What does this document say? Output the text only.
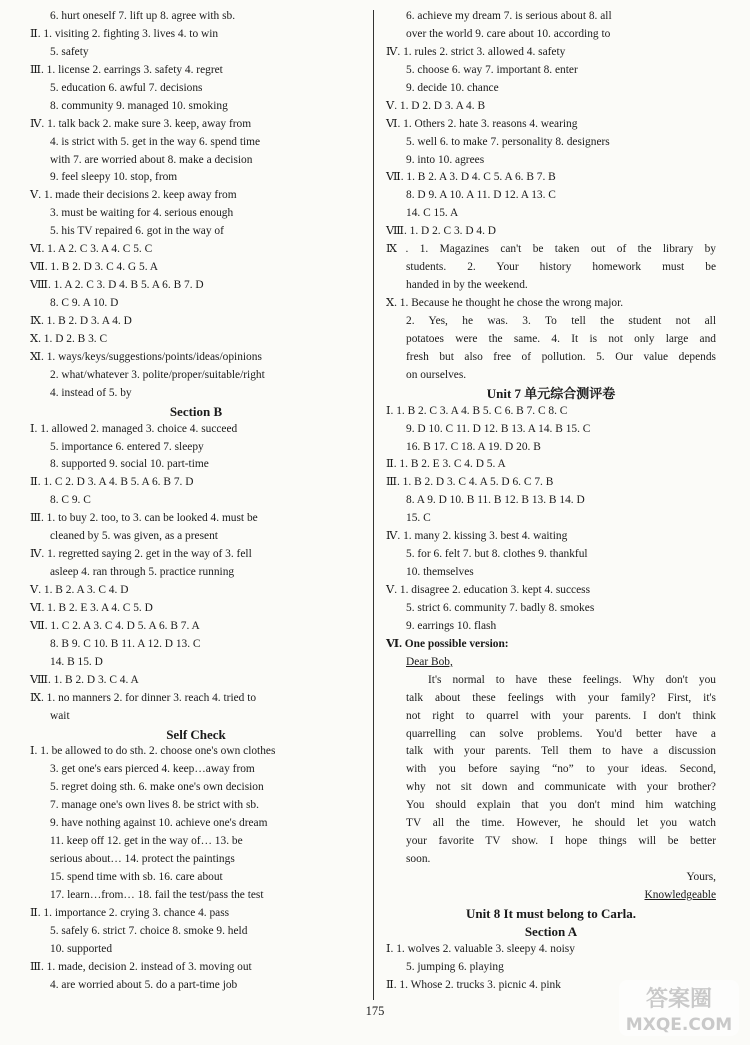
6. hurt oneself 7. lift up 8. agree with sb.
Ⅱ. 1. visiting 2. fighting 3. lives 4. to win
5. safety
Ⅲ. 1. license 2. earrings 3. safety 4. regret
5. education 6. awful 7. decisions
8. community 9. managed 10. smoking
Ⅳ. 1. talk back 2. make sure 3. keep, away from
4. is strict with 5. get in the way 6. spend time
with 7. are worried about 8. make a decision
9. feel sleepy 10. stop, from
Ⅴ. 1. made their decisions 2. keep away from
3. must be waiting for 4. serious enough
5. his TV repaired 6. got in the way of
Ⅵ. 1. A 2. C 3. A 4. C 5. C
Ⅶ. 1. B 2. D 3. C 4. G 5. A
Ⅷ. 1. A 2. C 3. D 4. B 5. A 6. B 7. D
8. C 9. A 10. D
Ⅸ. 1. B 2. D 3. A 4. D
Ⅹ. 1. D 2. B 3. C
Ⅺ. 1. ways/keys/suggestions/points/ideas/opinions
2. what/whatever 3. polite/proper/suitable/right
4. instead of 5. by
Section B
Ⅰ. 1. allowed 2. managed 3. choice 4. succeed
5. importance 6. entered 7. sleepy
8. supported 9. social 10. part-time
Ⅱ. 1. C 2. D 3. A 4. B 5. A 6. B 7. D
8. C 9. C
Ⅲ. 1. to buy 2. too, to 3. can be looked 4. must be
cleaned by 5. was given, as a present
Ⅳ. 1. regretted saying 2. get in the way of 3. fell
asleep 4. ran through 5. practice running
Ⅴ. 1. B 2. A 3. C 4. D
Ⅵ. 1. B 2. E 3. A 4. C 5. D
Ⅶ. 1. C 2. A 3. C 4. D 5. A 6. B 7. A
8. B 9. C 10. B 11. A 12. D 13. C
14. B 15. D
Ⅷ. 1. B 2. D 3. C 4. A
Ⅸ. 1. no manners 2. for dinner 3. reach 4. tried to
wait
Self Check
Ⅰ. 1. be allowed to do sth. 2. choose one's own clothes
3. get one's ears pierced 4. keep…away from
5. regret doing sth. 6. make one's own decision
7. manage one's own lives 8. be strict with sb.
9. have nothing against 10. achieve one's dream
11. keep off 12. get in the way of… 13. be
serious about… 14. protect the paintings
15. spend time with sb. 16. care about
17. learn…from… 18. fail the test/pass the test
Ⅱ. 1. importance 2. crying 3. chance 4. pass
5. safely 6. strict 7. choice 8. smoke 9. held
10. supported
Ⅲ. 1. made, decision 2. instead of 3. moving out
4. are worried about 5. do a part-time job
6. achieve my dream 7. is serious about 8. all
over the world 9. care about 10. according to
Ⅳ. 1. rules 2. strict 3. allowed 4. safety
5. choose 6. way 7. important 8. enter
9. decide 10. chance
Ⅴ. 1. D 2. D 3. A 4. B
Ⅵ. 1. Others 2. hate 3. reasons 4. wearing
5. well 6. to make 7. personality 8. designers
9. into 10. agrees
Ⅶ. 1. B 2. A 3. D 4. C 5. A 6. B 7. B
8. D 9. A 10. A 11. D 12. A 13. C
14. C 15. A
Ⅷ. 1. D 2. C 3. D 4. D
Ⅸ. 1. Magazines can't be taken out of the library by
students. 2. Your history homework must be
handed in by the weekend.
Ⅹ. 1. Because he thought he chose the wrong major.
2. Yes, he was. 3. To tell the student not all
potatoes were the same. 4. It is not only large and
fresh but also free of pollution. 5. Our value depends
on ourselves.
Unit 7 单元综合测评卷
Ⅰ. 1. B 2. C 3. A 4. B 5. C 6. B 7. C 8. C
9. D 10. C 11. D 12. B 13. A 14. B 15. C
16. B 17. C 18. A 19. D 20. B
Ⅱ. 1. B 2. E 3. C 4. D 5. A
Ⅲ. 1. B 2. D 3. C 4. A 5. D 6. C 7. B
8. A 9. D 10. B 11. B 12. B 13. B 14. D
15. C
Ⅳ. 1. many 2. kissing 3. best 4. waiting
5. for 6. felt 7. but 8. clothes 9. thankful
10. themselves
Ⅴ. 1. disagree 2. education 3. kept 4. success
5. strict 6. community 7. badly 8. smokes
9. earrings 10. flash
Ⅵ. One possible version:
Dear Bob,
It's normal to have these feelings. Why don't you
talk about these feelings with your family? First, it's
not right to quarrel with your parents. I don't think
quarrelling can solve problems. You'd better have a
talk with your parents. Tell them to have a discussion
with you before saying “no” to your ideas. Second,
why not sit down and communicate with your brother?
You should explain that you don't mind him watching
TV all the time. However, he should let you watch
your favorite TV show. I hope things will be better
soon.
Yours,
Knowledgeable
Unit 8 It must belong to Carla.
Section A
Ⅰ. 1. wolves 2. valuable 3. sleepy 4. noisy
5. jumping 6. playing
Ⅱ. 1. Whose 2. trucks 3. picnic 4. pink
175	答案圈
MXQE.COM
